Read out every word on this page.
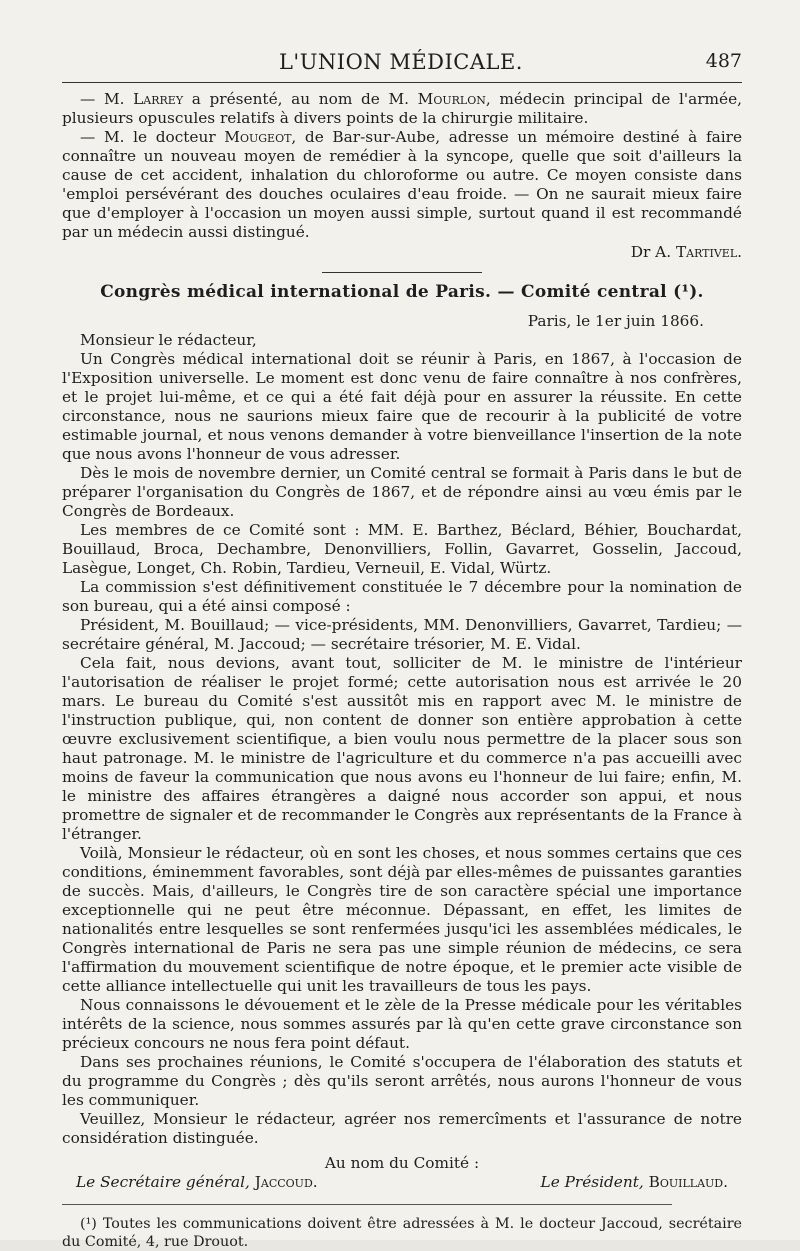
L'UNION MÉDICALE.	487

— M. Larrey a présenté, au nom de M. Mourlon, médecin principal de l'armée, plusieurs opuscules relatifs à divers points de la chirurgie militaire.

— M. le docteur Mougeot, de Bar-sur-Aube, adresse un mémoire destiné à faire connaître un nouveau moyen de remédier à la syncope, quelle que soit d'ailleurs la cause de cet accident, inhalation du chloroforme ou autre. Ce moyen consiste dans 'emploi persévérant des douches oculaires d'eau froide. — On ne saurait mieux faire que d'employer à l'occasion un moyen aussi simple, surtout quand il est recommandé par un médecin aussi distingué.

Dr A. Tartivel.
Congrès médical international de Paris. — Comité central (¹).
Paris, le 1er juin 1866.
Monsieur le rédacteur,

Un Congrès médical international doit se réunir à Paris, en 1867, à l'occasion de l'Exposition universelle. Le moment est donc venu de faire connaître à nos confrères, et le projet lui-même, et ce qui a été fait déjà pour en assurer la réussite. En cette circonstance, nous ne saurions mieux faire que de recourir à la publicité de votre estimable journal, et nous venons demander à votre bienveillance l'insertion de la note que nous avons l'honneur de vous adresser.

Dès le mois de novembre dernier, un Comité central se formait à Paris dans le but de préparer l'organisation du Congrès de 1867, et de répondre ainsi au vœu émis par le Congrès de Bordeaux.

Les membres de ce Comité sont : MM. E. Barthez, Béclard, Béhier, Bouchardat, Bouillaud, Broca, Dechambre, Denonvilliers, Follin, Gavarret, Gosselin, Jaccoud, Lasègue, Longet, Ch. Robin, Tardieu, Verneuil, E. Vidal, Würtz.

La commission s'est définitivement constituée le 7 décembre pour la nomination de son bureau, qui a été ainsi composé :

Président, M. Bouillaud; — vice-présidents, MM. Denonvilliers, Gavarret, Tardieu; — secrétaire général, M. Jaccoud; — secrétaire trésorier, M. E. Vidal.

Cela fait, nous devions, avant tout, solliciter de M. le ministre de l'intérieur l'autorisation de réaliser le projet formé; cette autorisation nous est arrivée le 20 mars. Le bureau du Comité s'est aussitôt mis en rapport avec M. le ministre de l'instruction publique, qui, non content de donner son entière approbation à cette œuvre exclusivement scientifique, a bien voulu nous permettre de la placer sous son haut patronage. M. le ministre de l'agriculture et du commerce n'a pas accueilli avec moins de faveur la communication que nous avons eu l'honneur de lui faire; enfin, M. le ministre des affaires étrangères a daigné nous accorder son appui, et nous promettre de signaler et de recommander le Congrès aux représentants de la France à l'étranger.

Voilà, Monsieur le rédacteur, où en sont les choses, et nous sommes certains que ces conditions, éminemment favorables, sont déjà par elles-mêmes de puissantes garanties de succès. Mais, d'ailleurs, le Congrès tire de son caractère spécial une importance exceptionnelle qui ne peut être méconnue. Dépassant, en effet, les limites de nationalités entre lesquelles se sont renfermées jusqu'ici les assemblées médicales, le Congrès international de Paris ne sera pas une simple réunion de médecins, ce sera l'affirmation du mouvement scientifique de notre époque, et le premier acte visible de cette alliance intellectuelle qui unit les travailleurs de tous les pays.

Nous connaissons le dévouement et le zèle de la Presse médicale pour les véritables intérêts de la science, nous sommes assurés par là qu'en cette grave circonstance son précieux concours ne nous fera point défaut.

Dans ses prochaines réunions, le Comité s'occupera de l'élaboration des statuts et du programme du Congrès ; dès qu'ils seront arrêtés, nous aurons l'honneur de vous les communiquer.

Veuillez, Monsieur le rédacteur, agréer nos remercîments et l'assurance de notre considération distinguée.

Au nom du Comité :
Le Secrétaire général, Jaccoud.	Le Président, Bouillaud.
(¹) Toutes les communications doivent être adressées à M. le docteur Jaccoud, secrétaire du Comité, 4, rue Drouot.
